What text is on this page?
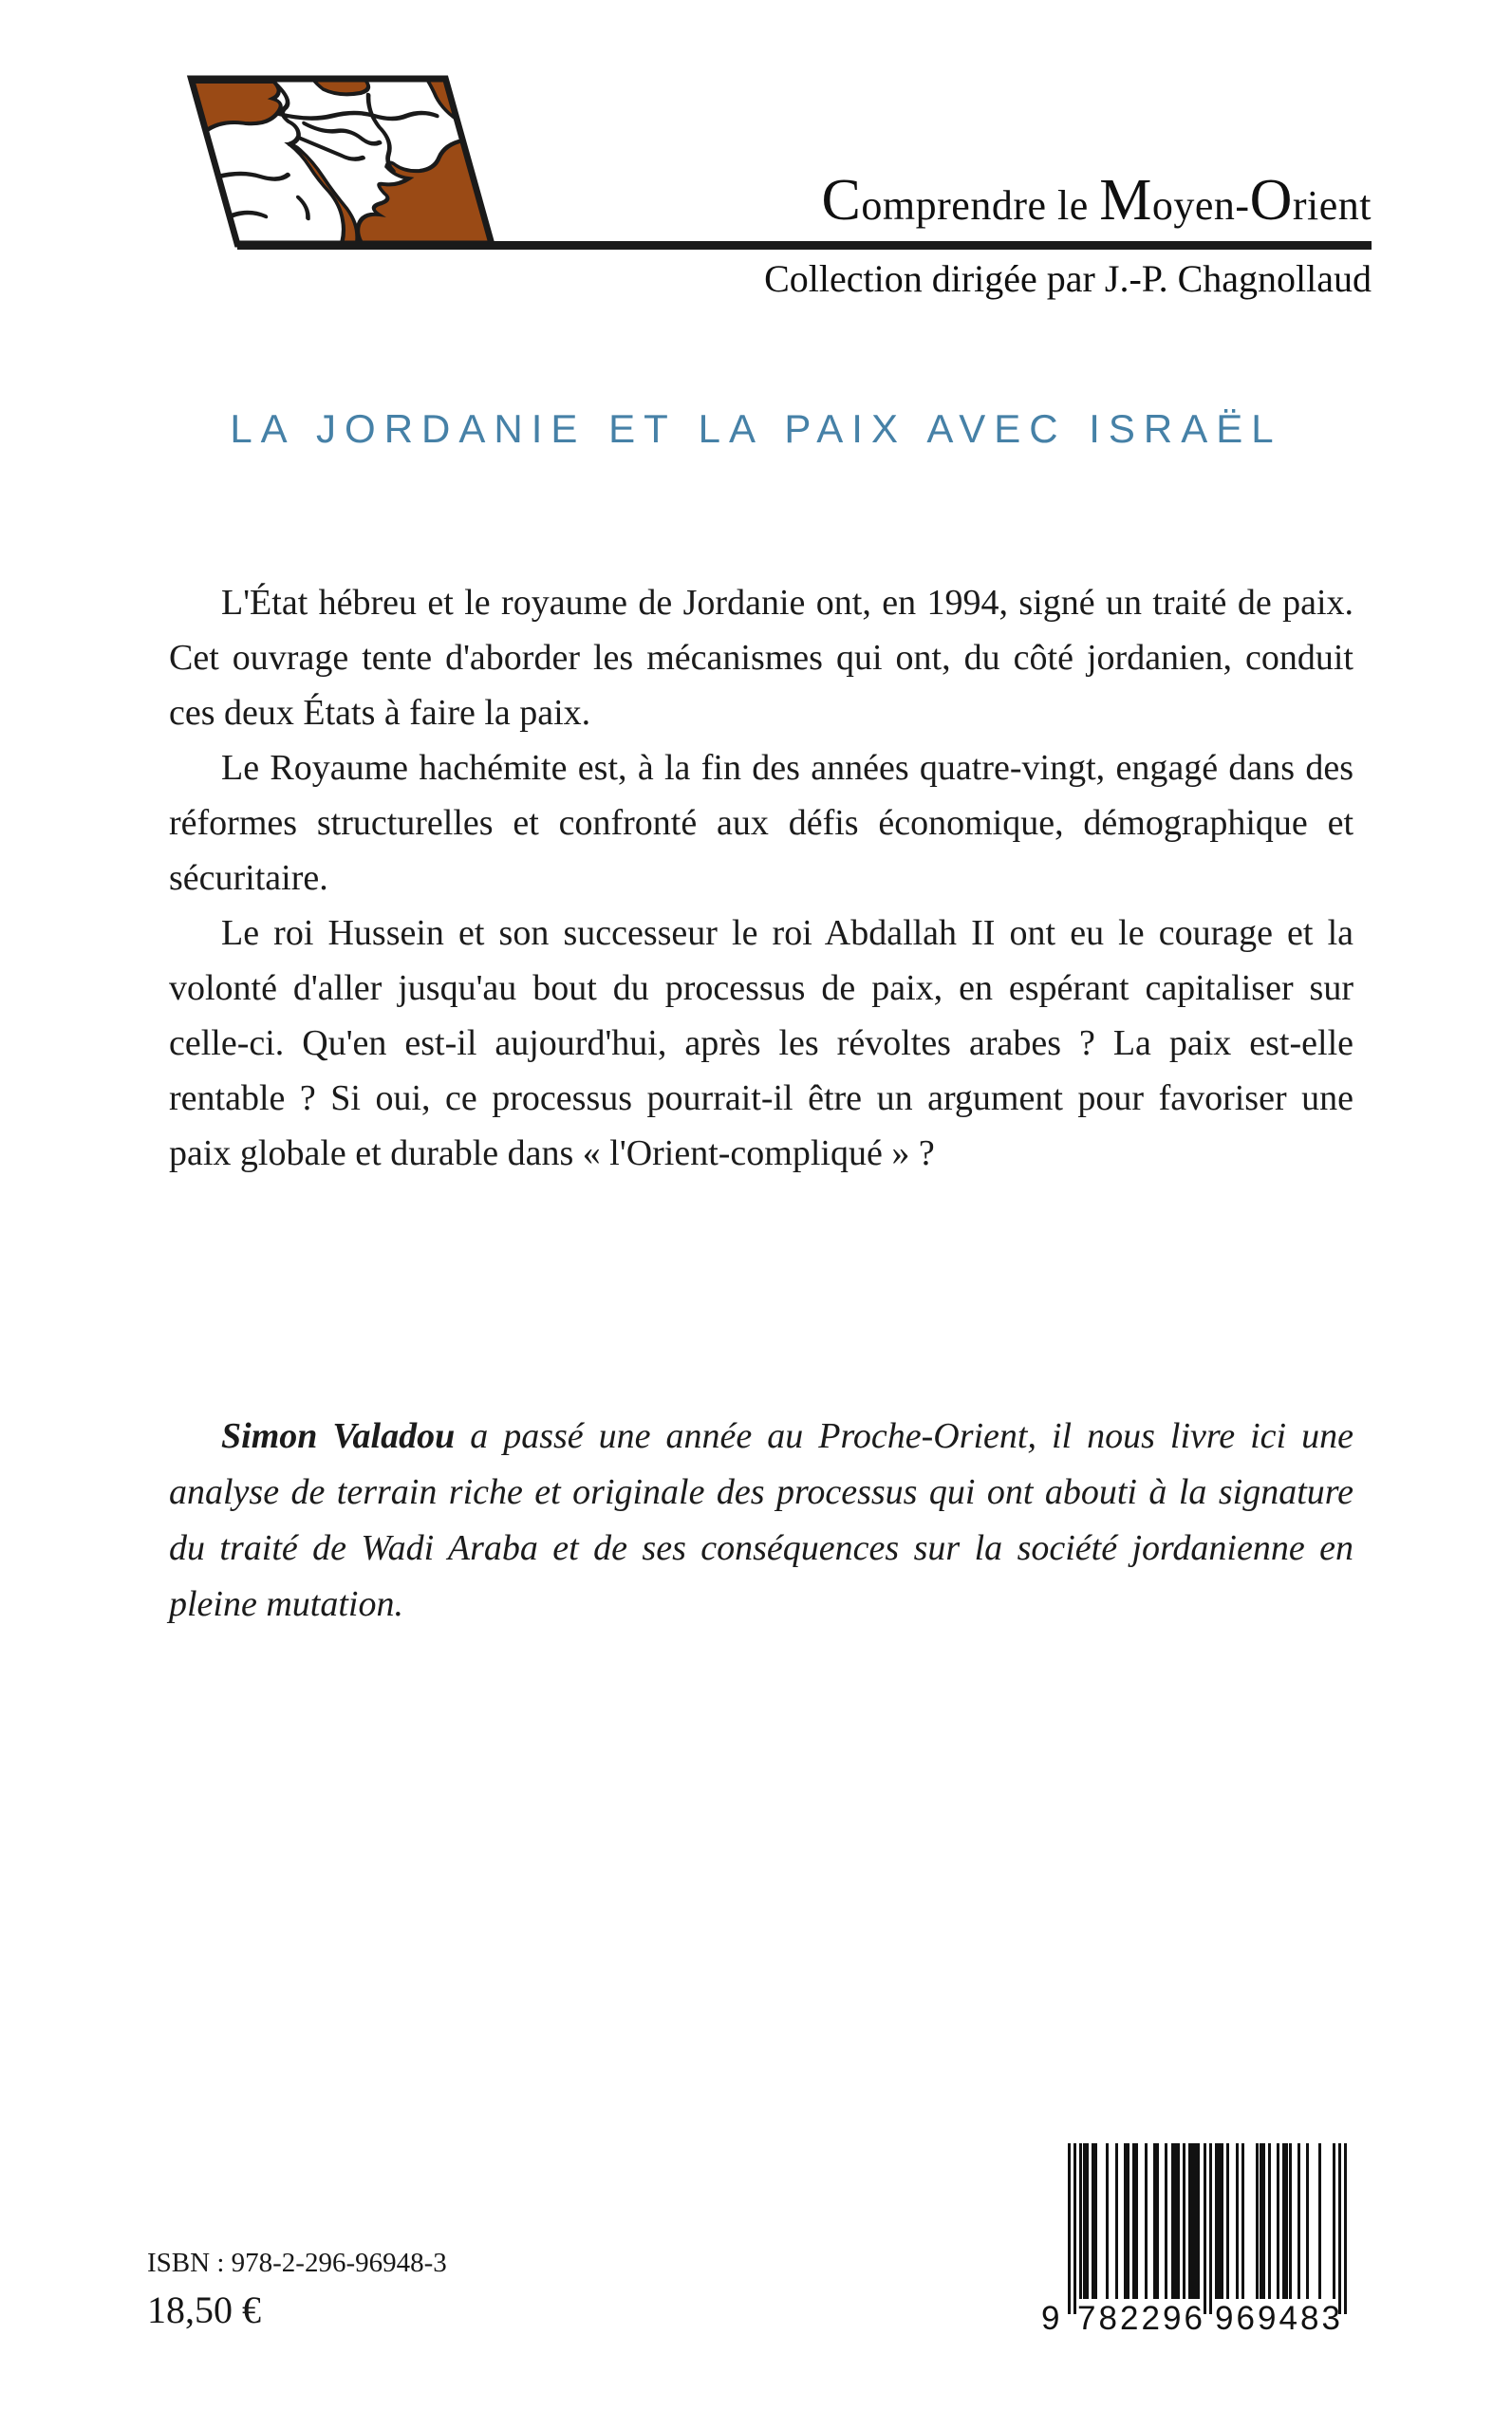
Comprendre le Moyen-Orient
Collection dirigée par J.-P. Chagnollaud
LA JORDANIE ET LA PAIX AVEC ISRAËL

L'État hébreu et le royaume de Jordanie ont, en 1994, signé un traité de paix. Cet ouvrage tente d'aborder les mécanismes qui ont, du côté jordanien, conduit ces deux États à faire la paix.

Le Royaume hachémite est, à la fin des années quatre-vingt, engagé dans des réformes structurelles et confronté aux défis économique, démographique et sécuritaire.

Le roi Hussein et son successeur le roi Abdallah II ont eu le courage et la volonté d'aller jusqu'au bout du processus de paix, en espérant capitaliser sur celle-ci. Qu'en est-il aujourd'hui, après les révoltes arabes ? La paix est-elle rentable ? Si oui, ce processus pourrait-il être un argument pour favoriser une paix globale et durable dans « l'Orient-compliqué » ?

Simon Valadou a passé une année au Proche-Orient, il nous livre ici une analyse de terrain riche et originale des processus qui ont abouti à la signature du traité de Wadi Araba et de ses conséquences sur la société jordanienne en pleine mutation.

ISBN : 978-2-296-96948-3
18,50 €	9 7 8 2 2 9 6 9 6 9 4 8 3
